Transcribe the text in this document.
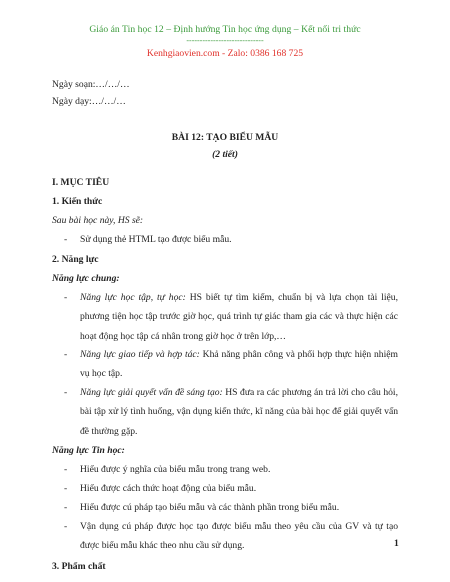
Giáo án Tin học 12 – Định hướng Tin học ứng dụng – Kết nối tri thức
-----------------------------
Kenhgiaovien.com - Zalo: 0386 168 725
Ngày soạn:…/…/…
Ngày dạy:…/…/…
BÀI 12: TẠO BIỂU MẪU
(2 tiết)
I. MỤC TIÊU
1. Kiến thức
Sau bài học này, HS sẽ:
- Sử dụng thẻ HTML tạo được biểu mẫu.
2. Năng lực
Năng lực chung:
- Năng lực học tập, tự học: HS biết tự tìm kiếm, chuẩn bị và lựa chọn tài liệu, phương tiện học tập trước giờ học, quá trình tự giác tham gia các và thực hiện các hoạt động học tập cá nhân trong giờ học ở trên lớp,…
- Năng lực giao tiếp và hợp tác: Khả năng phân công và phối hợp thực hiện nhiệm vụ học tập.
- Năng lực giải quyết vấn đề sáng tạo: HS đưa ra các phương án trả lời cho câu hỏi, bài tập xử lý tình huống, vận dụng kiến thức, kĩ năng của bài học để giải quyết vấn đề thường gặp.
Năng lực Tin học:
- Hiểu được ý nghĩa của biểu mẫu trong trang web.
- Hiểu được cách thức hoạt động của biểu mẫu.
- Hiểu được cú pháp tạo biểu mẫu và các thành phần trong biểu mẫu.
- Vận dụng cú pháp được học tạo được biểu mẫu theo yêu cầu của GV và tự tạo được biểu mẫu khác theo nhu cầu sử dụng.
3. Phẩm chất
1
